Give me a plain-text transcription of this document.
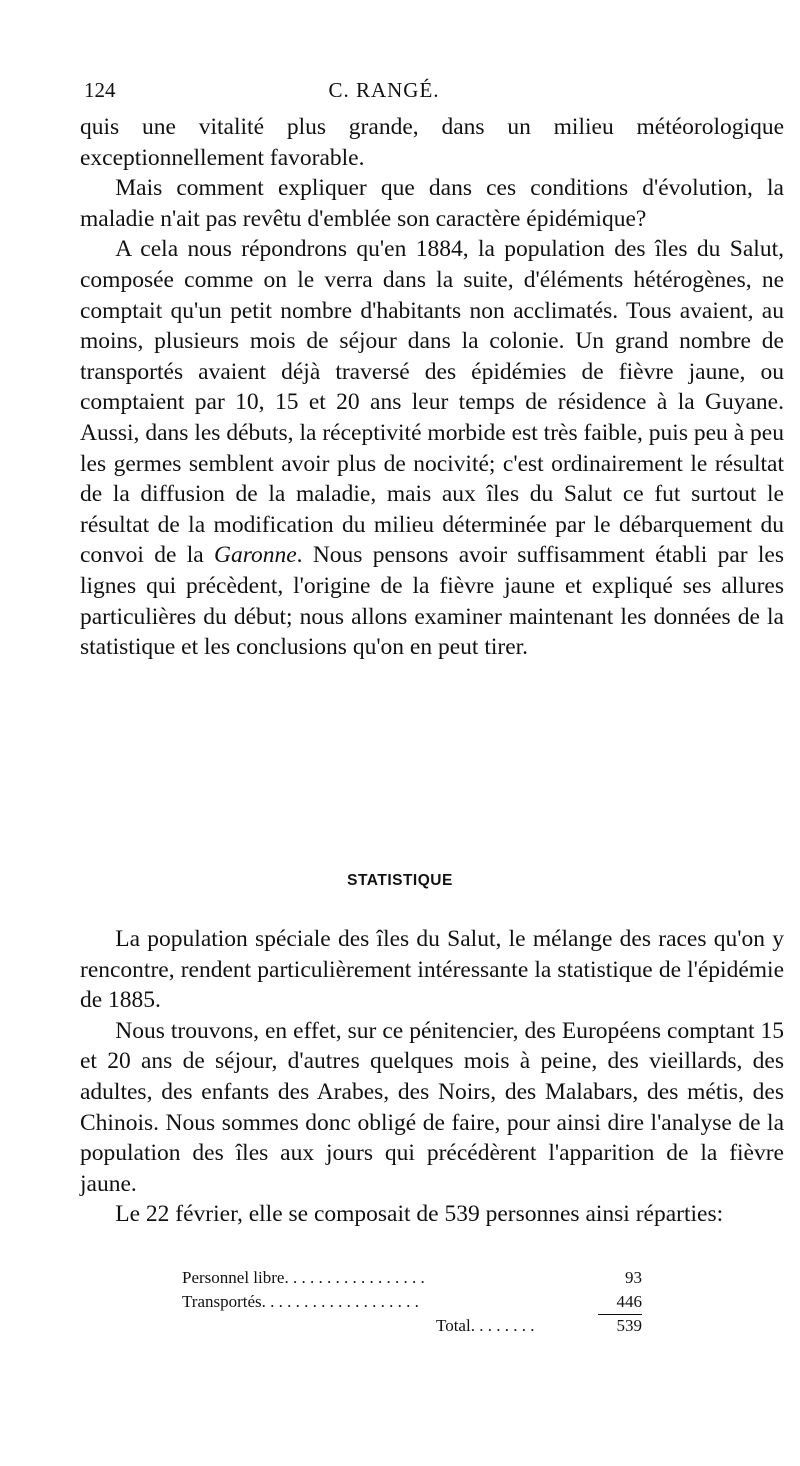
124	C. RANGÉ.

quis une vitalité plus grande, dans un milieu météorologique exceptionnellement favorable.

Mais comment expliquer que dans ces conditions d'évolution, la maladie n'ait pas revêtu d'emblée son caractère épidémique?

A cela nous répondrons qu'en 1884, la population des îles du Salut, composée comme on le verra dans la suite, d'éléments hétérogènes, ne comptait qu'un petit nombre d'habitants non acclimatés. Tous avaient, au moins, plusieurs mois de séjour dans la colonie. Un grand nombre de transportés avaient déjà traversé des épidémies de fièvre jaune, ou comptaient par 10, 15 et 20 ans leur temps de résidence à la Guyane. Aussi, dans les débuts, la réceptivité morbide est très faible, puis peu à peu les germes semblent avoir plus de nocivité; c'est ordinairement le résultat de la diffusion de la maladie, mais aux îles du Salut ce fut surtout le résultat de la modification du milieu déterminée par le débarquement du convoi de la Garonne. Nous pensons avoir suffisamment établi par les lignes qui précèdent, l'origine de la fièvre jaune et expliqué ses allures particulières du début; nous allons examiner maintenant les données de la statistique et les conclusions qu'on en peut tirer.

STATISTIQUE

La population spéciale des îles du Salut, le mélange des races qu'on y rencontre, rendent particulièrement intéressante la statistique de l'épidémie de 1885.

Nous trouvons, en effet, sur ce pénitencier, des Européens comptant 15 et 20 ans de séjour, d'autres quelques mois à peine, des vieillards, des adultes, des enfants des Arabes, des Noirs, des Malabars, des métis, des Chinois. Nous sommes donc obligé de faire, pour ainsi dire l'analyse de la population des îles aux jours qui précédèrent l'apparition de la fièvre jaune.

Le 22 février, elle se composait de 539 personnes ainsi réparties:

Personnel libre. . . . . . . . . . . . . . . . .	93
Transportés. . . . . . . . . . . . . . . . . . .	446
Total. . . . . . . .	539
